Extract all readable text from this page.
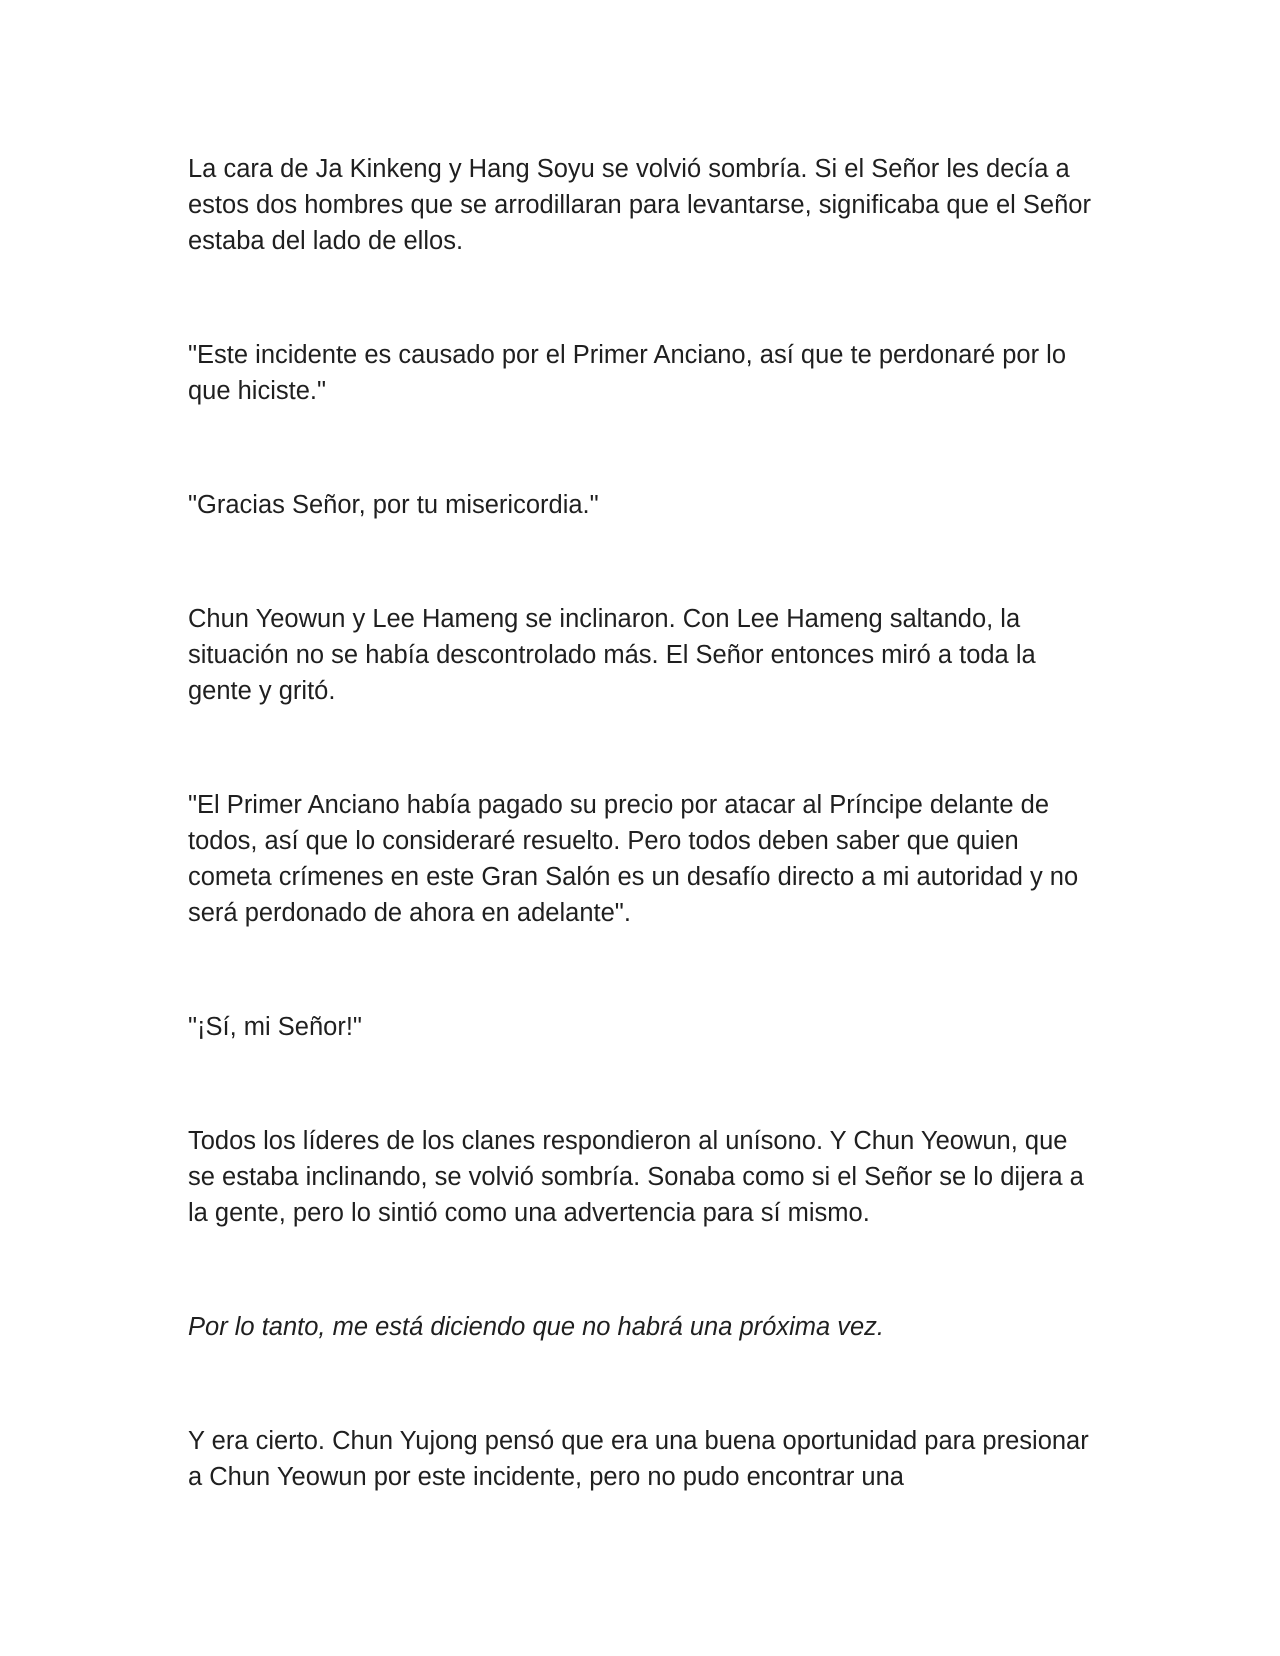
La cara de Ja Kinkeng y Hang Soyu se volvió sombría. Si el Señor les decía a estos dos hombres que se arrodillaran para levantarse, significaba que el Señor estaba del lado de ellos.

"Este incidente es causado por el Primer Anciano, así que te perdonaré por lo que hiciste."

"Gracias Señor, por tu misericordia."

Chun Yeowun y Lee Hameng se inclinaron. Con Lee Hameng saltando, la situación no se había descontrolado más. El Señor entonces miró a toda la gente y gritó.

"El Primer Anciano había pagado su precio por atacar al Príncipe delante de todos, así que lo consideraré resuelto. Pero todos deben saber que quien cometa crímenes en este Gran Salón es un desafío directo a mi autoridad y no será perdonado de ahora en adelante".

"¡Sí, mi Señor!"

Todos los líderes de los clanes respondieron al unísono. Y Chun Yeowun, que se estaba inclinando, se volvió sombría. Sonaba como si el Señor se lo dijera a la gente, pero lo sintió como una advertencia para sí mismo.

Por lo tanto, me está diciendo que no habrá una próxima vez.

Y era cierto. Chun Yujong pensó que era una buena oportunidad para presionar a Chun Yeowun por este incidente, pero no pudo encontrar una
